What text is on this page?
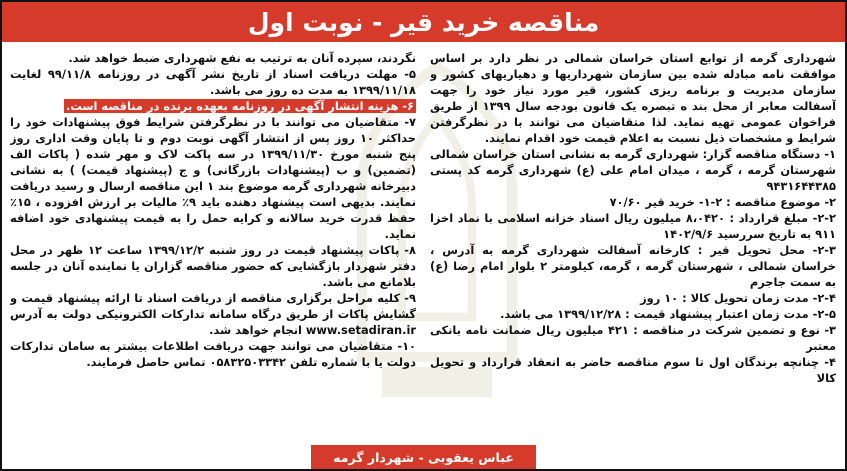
مناقصه خرید قیر - نوبت اول

شهرداری گرمه از توابع استان خراسان شمالی در نظر دارد بر اساس موافقت نامه مبادله شده بین سازمان شهرداریها و دهیاریهای کشور و سازمان مدیریت و برنامه ریزی کشور، قیر مورد نیاز خود را جهت آسفالت معابر از محل بند ه تبصره یک قانون بودجه سال ۱۳۹۹ از طریق فراخوان عمومی تهیه نماید. لذا متقاضیان می توانند با در نظرگرفتن شرایط و مشخصات ذیل نسبت به اعلام قیمت خود اقدام نمایند.

۱- دستگاه مناقصه گزار: شهرداری گرمه به نشانی استان خراسان شمالی شهرستان گرمه ، گرمه ، میدان امام علی (ع) شهرداری گرمه کد پستی ۹۴۳۱۶۴۴۳۸۵

۲- موضوع مناقصه : ۲-۱- خرید قیر ۷۰/۶۰

۲-۲- مبلغ قرارداد : ۸،۰۴۲۰ میلیون ریال اسناد خزانه اسلامی با نماد اخزا ۹۱۱ به تاریخ سررسید ۱۴۰۲/۹/۶

۲-۳- محل تحویل قیر : کارخانه آسفالت شهرداری گرمه به آدرس ، خراسان شمالی ، شهرستان گرمه ، گرمه، کیلومتر ۲ بلوار امام رضا (ع) به سمت جاجرم

۲-۴- مدت زمان تحویل کالا : ۱۰ روز

۲-۵- مدت زمان اعتبار پیشنهاد قیمت : ۱۳۹۹/۱۲/۲۸ می باشد.

۳- نوع و تضمین شرکت در مناقصه : ۴۲۱ میلیون ریال ضمانت نامه بانکی معتبر

۴- چنانچه برندگان اول تا سوم مناقصه حاضر به انعقاد قرارداد و تحویل کالا

نگردند، سپرده آنان به ترتیب به نفع شهرداری ضبط خواهد شد.

۵- مهلت دریافت اسناد از تاریخ نشر آگهی در روزنامه ۹۹/۱۱/۸ لغایت ۱۳۹۹/۱۱/۱۸ به مدت ده روز می باشد.

۶- هزینه انتشار آگهی در روزنامه بعهده برنده در مناقصه است.

۷- متقاضیان می توانند با در نظرگرفتن شرایط فوق پیشنهادات خود را حداکثر ۱۰ روز پس از انتشار آگهی نوبت دوم و تا پایان وقت اداری روز پنج شنبه مورخ ۱۳۹۹/۱۱/۳۰ در سه پاکت لاک و مهر شده ( پاکات الف (تضمین) و ب (پیشنهادات بازرگانی) و ج (پیشنهاد قیمت) ) به نشانی دبیرخانه شهرداری گرمه موضوع بند ۱ این مناقصه ارسال و رسید دریافت نمایند. بدیهی است پیشنهاد دهنده باید ۹٪ مالیات بر ارزش افزوده ، ۱۵٪ حفظ قدرت خرید سالانه و کرایه حمل را به قیمت پیشنهادی خود اضافه نماید.

۸- پاکات پیشنهاد قیمت در روز شنبه ۱۳۹۹/۱۲/۲ ساعت ۱۲ ظهر در محل دفتر شهردار بازگشایی که حضور مناقصه گزاران یا نماینده آنان در جلسه بلامانع می باشد.

۹- کلیه مراحل برگزاری مناقصه از دریافت اسناد تا ارائه پیشنهاد قیمت و گشایش پاکات از طریق درگاه سامانه تدارکات الکترونیکی دولت به آدرس www.setadiran.ir انجام خواهد شد.

۱۰- متقاضیان می توانند جهت دریافت اطلاعات بیشتر به سامان تدارکات دولت یا با شماره تلفن ۰۵۸۳۲۵۰۳۳۴۲ تماس حاصل فرمایند.

عباس یعقوبی - شهردار گرمه
